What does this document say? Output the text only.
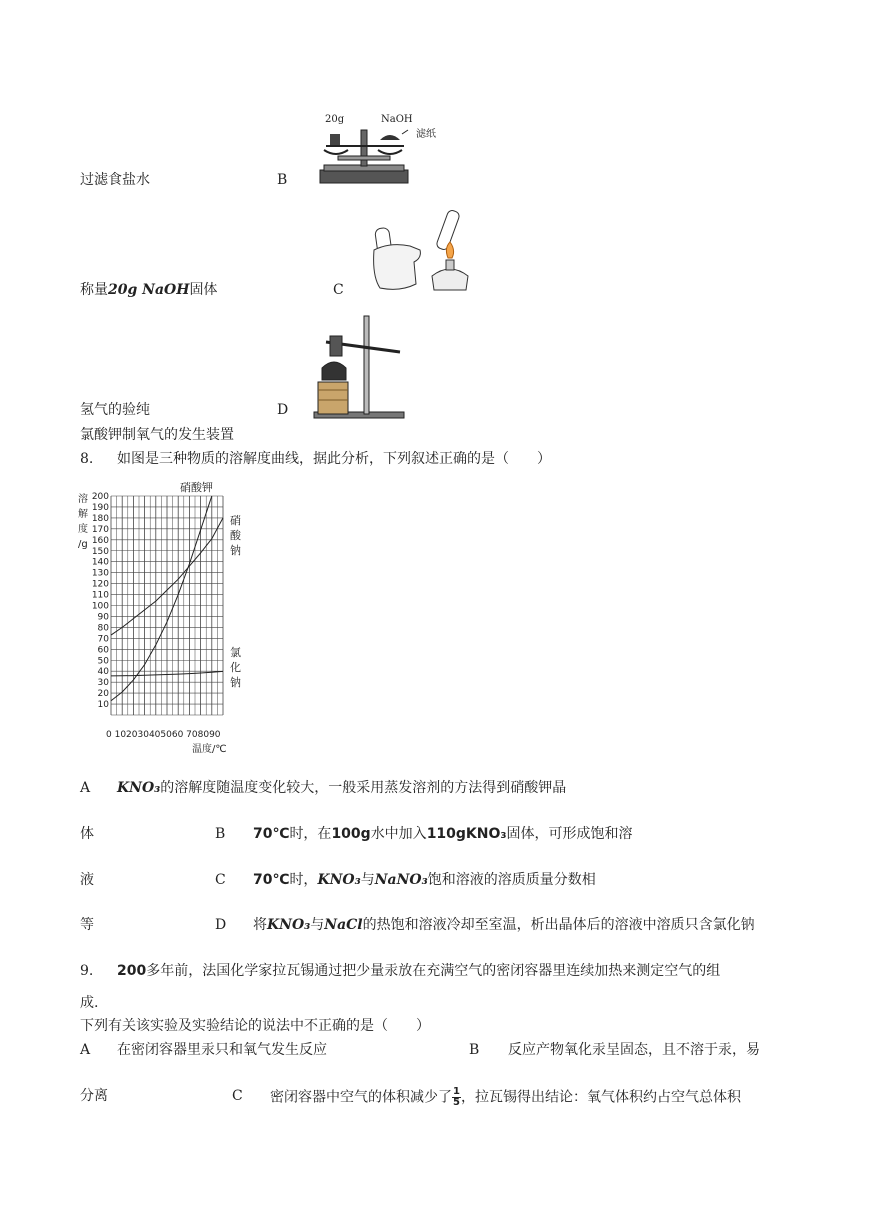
过滤食盐水	B
20g	NaOH
滤纸
称量20g NaOH固体	C
氢气的验纯	D
氯酸钾制氧气的发生装置
8. 如图是三种物质的溶解度曲线，据此分析，下列叙述正确的是（　　）
10
20
30
40
50
60
70
80
90
100
110
120
130
140
150
160
170
180
190
200
0 102030405060 708090
温度/℃
硝酸钾
溶
解
度
/g
硝
酸
钠
氯
化
钠
A KNO₃的溶解度随温度变化较大，一般采用蒸发溶剂的方法得到硝酸钾晶
体	B 70℃时，在100g水中加入110gKNO₃固体，可形成饱和溶
液	C 70℃时，KNO₃与NaNO₃饱和溶液的溶质质量分数相
等	D 将KNO₃与NaCl的热饱和溶液冷却至室温，析出晶体后的溶液中溶质只含氯化钠
9. 200多年前，法国化学家拉瓦锡通过把少量汞放在充满空气的密闭容器里连续加热来测定空气的组
成.
下列有关该实验及实验结论的说法中不正确的是（　　）
A 在密闭容器里汞只和氧气发生反应	B 反应产物氧化汞呈固态，且不溶于汞，易
分离	C 密闭容器中空气的体积减少了 $\frac{1}{5}$ ，拉瓦锡得出结论：氧气体积约占空气总体积
